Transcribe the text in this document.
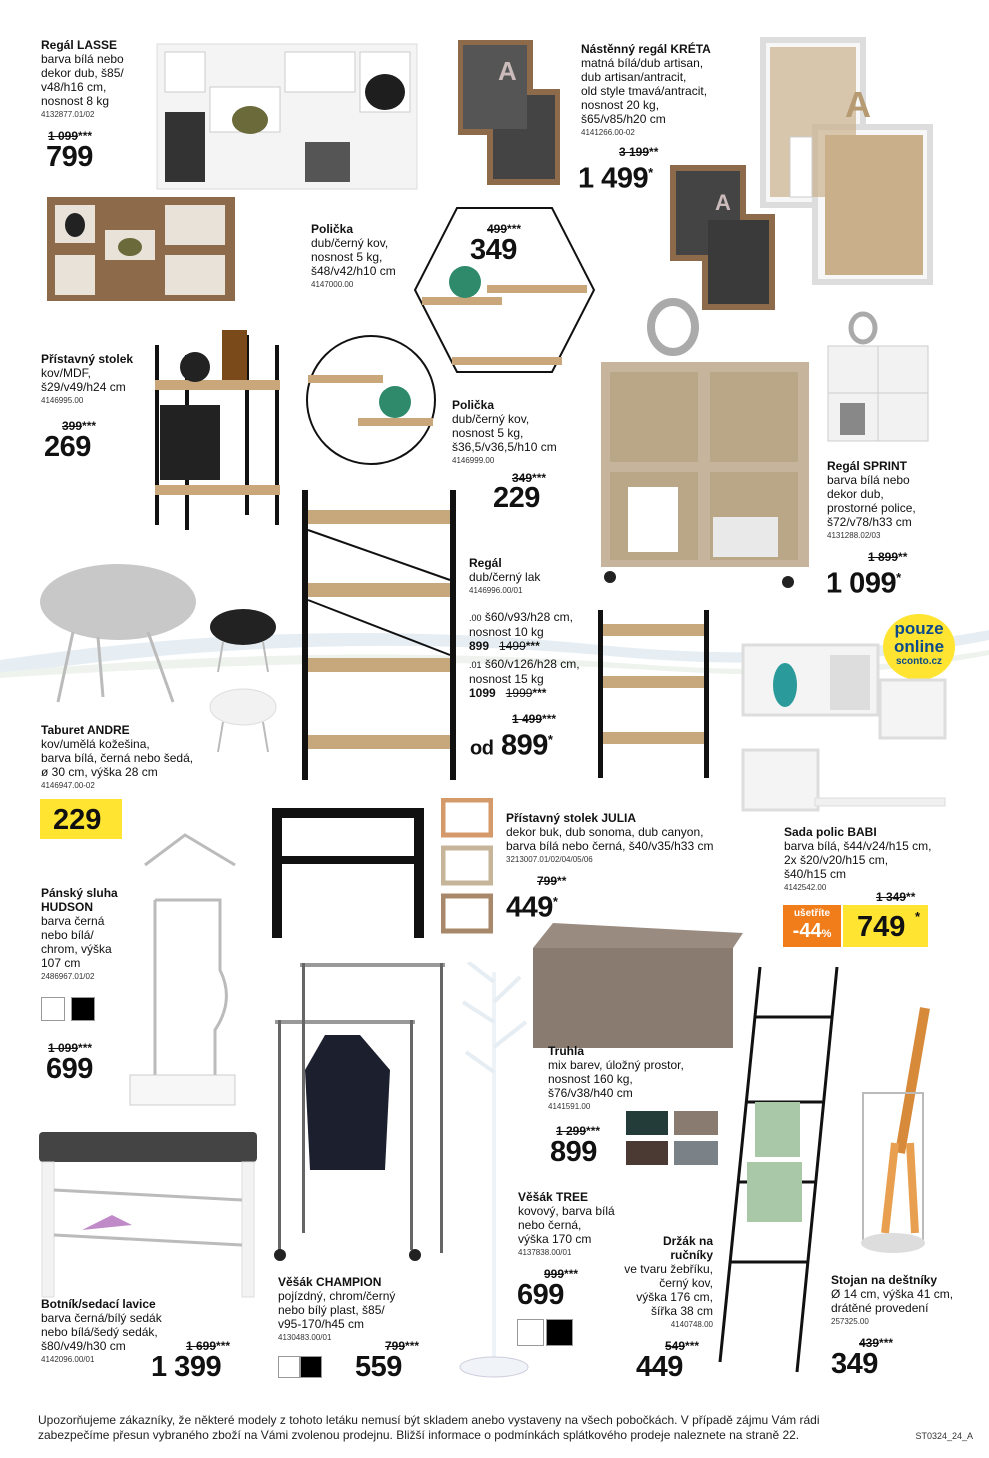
Regál LASSE
barva bílá nebo
dekor dub, š85/
v48/h16 cm,
nosnost 8 kg
4132877.01/02
1 099***
799
Nástěnný regál KRÉTA
matná bílá/dub artisan,
dub artisan/antracit,
old style tmavá/antracit,
nosnost 20 kg,
š65/v85/h20 cm
4141266.00-02
3 199**
1 499*
A
A
A
Polička
dub/černý kov,
nosnost 5 kg,
š48/v42/h10 cm
4147000.00
499***
349
Přístavný stolek
kov/MDF,
š29/v49/h24 cm
4146995.00
399***
269
Polička
dub/černý kov,
nosnost 5 kg,
š36,5/v36,5/h10 cm
4146999.00
349***
229
Regál SPRINT
barva bílá nebo
dekor dub,
prostorné police,
š72/v78/h33 cm
4131288.02/03
1 899**
1 099*
Regál
dub/černý lak
4146996.00/01
.00 š60/v93/h28 cm,
nosnost 10 kg
899 1499***
.01 š60/v126/h28 cm,
nosnost 15 kg
1099 1999***
1 499***
od 899*
pouze
online
sconto.cz
Sada polic BABI
barva bílá, š44/v24/h15 cm,
2x š20/v20/h15 cm,
š40/h15 cm
4142542.00
1 349**
ušetříte
-44% 749 *
Taburet ANDRE
kov/umělá kožešina,
barva bílá, černá nebo šedá,
ø 30 cm, výška 28 cm
4146947.00-02
229	Přístavný stolek JULIA
dekor buk, dub sonoma, dub canyon,
barva bílá nebo černá, š40/v35/h33 cm
3213007.01/02/04/05/06
799**
449*
Pánský sluha
HUDSON
barva černá
nebo bílá/
chrom, výška
107 cm
2486967.01/02
1 099***
699
Truhla
mix barev, úložný prostor,
nosnost 160 kg,
š76/v38/h40 cm
4141591.00
1 299***
899
Věšák CHAMPION
pojízdný, chrom/černý
nebo bílý plast, š85/
v95-170/h45 cm
4130483.00/01
799***
559
Věšák TREE
kovový, barva bílá
nebo černá,
výška 170 cm
4137838.00/01
999***
699
Držák na
ručníky
ve tvaru žebříku,
černý kov,
výška 176 cm,
šířka 38 cm
4140748.00
549***
449
Stojan na deštníky
Ø 14 cm, výška 41 cm,
drátěné provedení
257325.00
439***
349
Botník/sedací lavice
barva černá/bílý sedák
nebo bílá/šedý sedák,
š80/v49/h30 cm
4142096.00/01
1 699***
1 399
Upozorňujeme zákazníky, že některé modely z tohoto letáku nemusí být skladem anebo vystaveny na všech pobočkách. V případě zájmu Vám rádi zabezpečíme přesun vybraného zboží na Vámi zvolenou prodejnu. Bližší informace o podmínkách splátkového prodeje naleznete na straně 22.	ST0324_24_A
